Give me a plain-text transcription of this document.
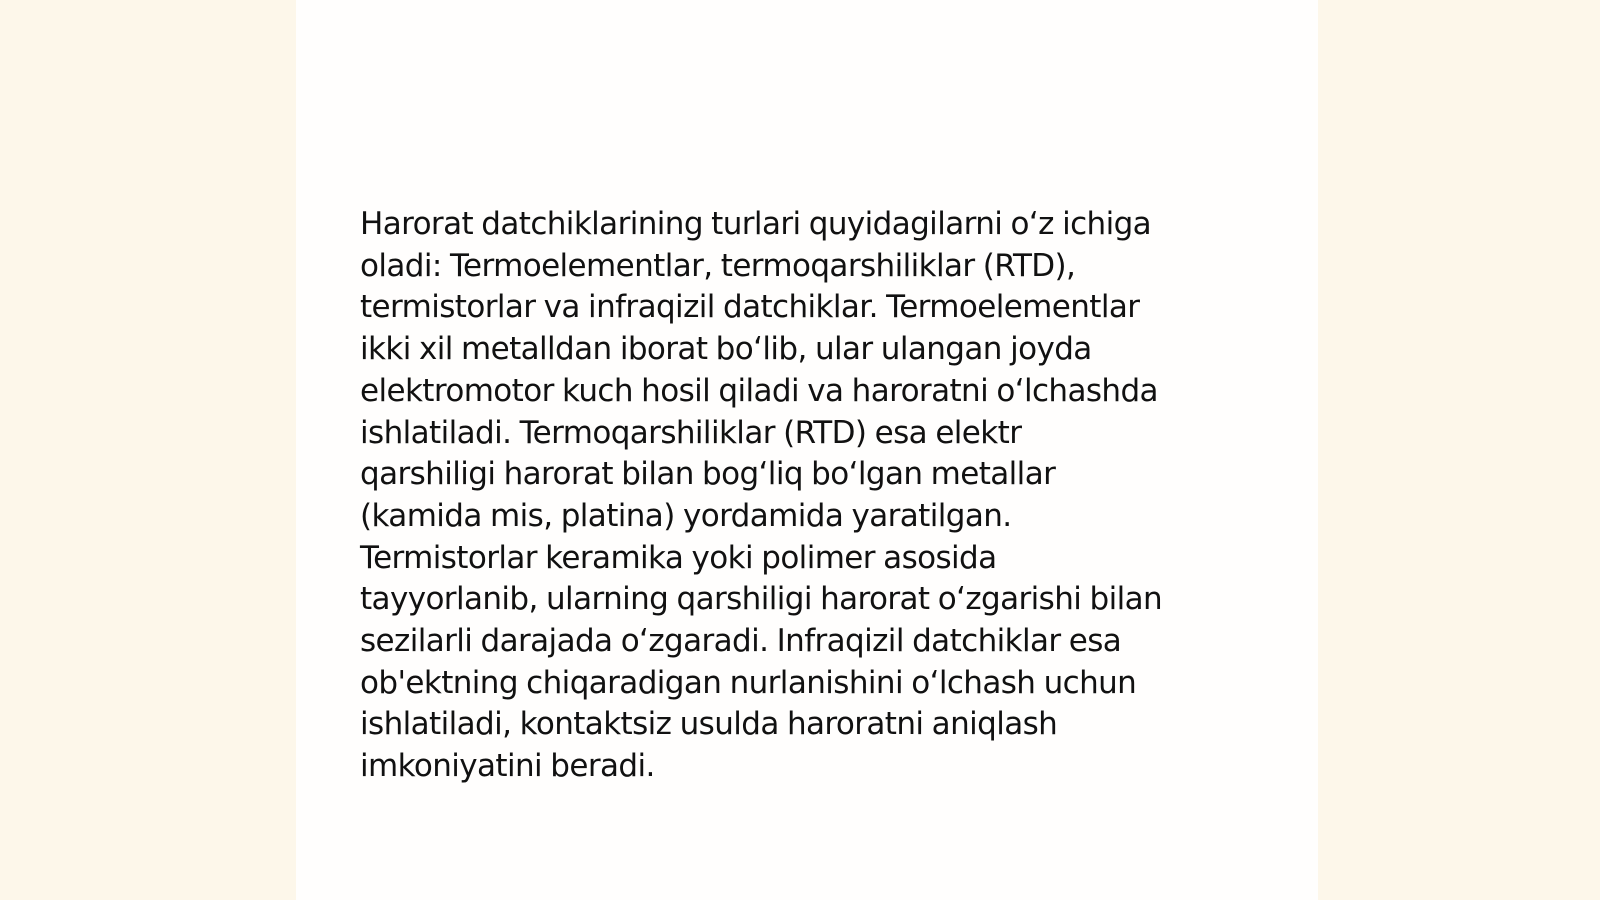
Harorat datchiklarining turlari quyidagilarni oʻz ichiga
oladi: Termoelementlar, termoqarshiliklar (RTD),
termistorlar va infraqizil datchiklar. Termoelementlar
ikki xil metalldan iborat boʻlib, ular ulangan joyda
elektromotor kuch hosil qiladi va haroratni oʻlchashda
ishlatiladi. Termoqarshiliklar (RTD) esa elektr
qarshiligi harorat bilan bogʻliq boʻlgan metallar
(kamida mis, platina) yordamida yaratilgan.
Termistorlar keramika yoki polimer asosida
tayyorlanib, ularning qarshiligi harorat oʻzgarishi bilan
sezilarli darajada oʻzgaradi. Infraqizil datchiklar esa
ob'ektning chiqaradigan nurlanishini oʻlchash uchun
ishlatiladi, kontaktsiz usulda haroratni aniqlash
imkoniyatini beradi.
